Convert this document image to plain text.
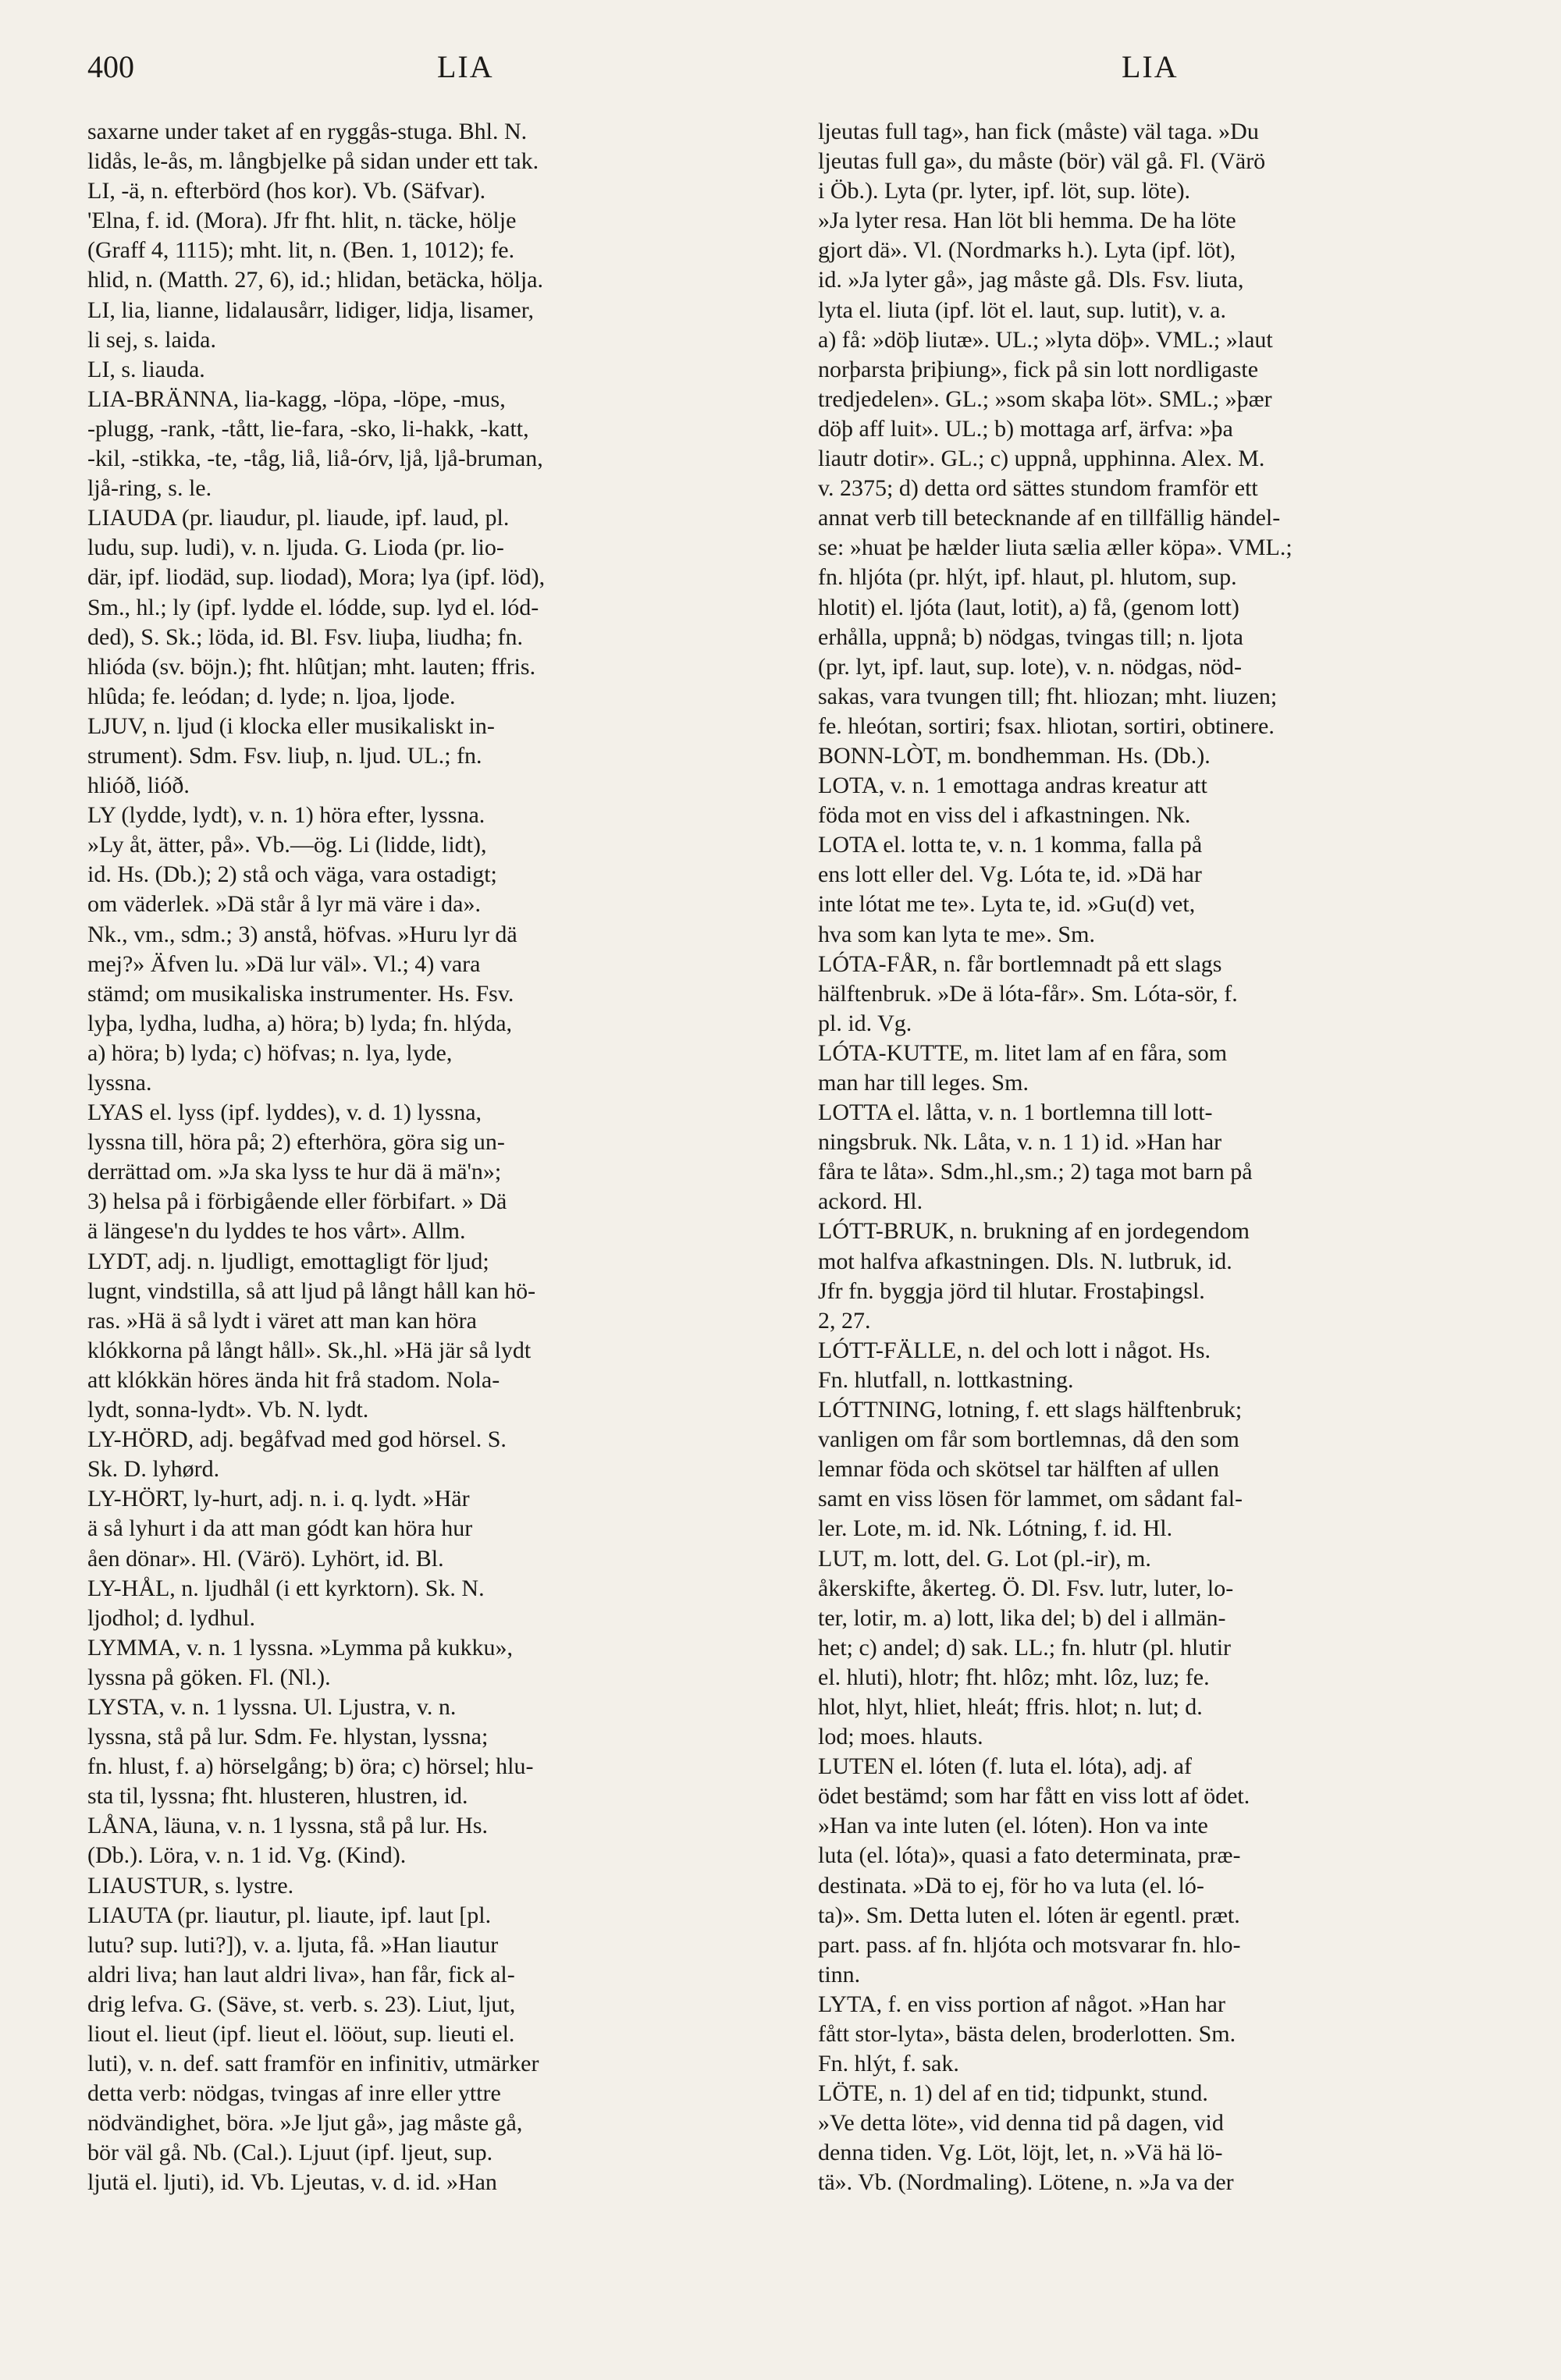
400	LIA	LIA
saxarne under taket af en ryggås-stuga. Bhl. N.
lidås, le-ås, m. långbjelke på sidan under ett tak.
LI, -ä, n. efterbörd (hos kor). Vb. (Säfvar).
'Elna, f. id. (Mora). Jfr fht. hlit, n. täcke, hölje
(Graff 4, 1115); mht. lit, n. (Ben. 1, 1012); fe.
hlid, n. (Matth. 27, 6), id.; hlidan, betäcka, hölja.
LI, lia, lianne, lidalausårr, lidiger, lidja, lisamer,
li sej, s. laida.
LI, s. liauda.
LIA-BRÄNNA, lia-kagg, -löpa, -löpe, -mus,
-plugg, -rank, -tått, lie-fara, -sko, li-hakk, -katt,
-kil, -stikka, -te, -tåg, liå, liå-órv, ljå, ljå-bruman,
ljå-ring, s. le.
LIAUDA (pr. liaudur, pl. liaude, ipf. laud, pl.
ludu, sup. ludi), v. n. ljuda. G. Lioda (pr. lio-
där, ipf. liodäd, sup. liodad), Mora; lya (ipf. löd),
Sm., hl.; ly (ipf. lydde el. lódde, sup. lyd el. lód-
ded), S. Sk.; löda, id. Bl. Fsv. liuþa, liudha; fn.
hlióda (sv. böjn.); fht. hlûtjan; mht. lauten; ffris.
hlûda; fe. leódan; d. lyde; n. ljoa, ljode.
LJUV, n. ljud (i klocka eller musikaliskt in-
strument). Sdm. Fsv. liuþ, n. ljud. UL.; fn.
hlióð, lióð.
LY (lydde, lydt), v. n. 1) höra efter, lyssna.
»Ly åt, ätter, på». Vb.—ög. Li (lidde, lidt),
id. Hs. (Db.); 2) stå och väga, vara ostadigt;
om väderlek. »Dä står å lyr mä väre i da».
Nk., vm., sdm.; 3) anstå, höfvas. »Huru lyr dä
mej?» Äfven lu. »Dä lur väl». Vl.; 4) vara
stämd; om musikaliska instrumenter. Hs. Fsv.
lyþa, lydha, ludha, a) höra; b) lyda; fn. hlýda,
a) höra; b) lyda; c) höfvas; n. lya, lyde,
lyssna.
LYAS el. lyss (ipf. lyddes), v. d. 1) lyssna,
lyssna till, höra på; 2) efterhöra, göra sig un-
derrättad om. »Ja ska lyss te hur dä ä mä'n»;
3) helsa på i förbigående eller förbifart. » Dä
ä längese'n du lyddes te hos vårt». Allm.
LYDT, adj. n. ljudligt, emottagligt för ljud;
lugnt, vindstilla, så att ljud på långt håll kan hö-
ras. »Hä ä så lydt i väret att man kan höra
klókkorna på långt håll». Sk.,hl. »Hä jär så lydt
att klókkän höres ända hit frå stadom. Nola-
lydt, sonna-lydt». Vb. N. lydt.
LY-HÖRD, adj. begåfvad med god hörsel. S.
Sk. D. lyhørd.
LY-HÖRT, ly-hurt, adj. n. i. q. lydt. »Här
ä så lyhurt i da att man gódt kan höra hur
åen dönar». Hl. (Värö). Lyhört, id. Bl.
LY-HÅL, n. ljudhål (i ett kyrktorn). Sk. N.
ljodhol; d. lydhul.
LYMMA, v. n. 1 lyssna. »Lymma på kukku»,
lyssna på göken. Fl. (Nl.).
LYSTA, v. n. 1 lyssna. Ul. Ljustra, v. n.
lyssna, stå på lur. Sdm. Fe. hlystan, lyssna;
fn. hlust, f. a) hörselgång; b) öra; c) hörsel; hlu-
sta til, lyssna; fht. hlusteren, hlustren, id.
LÅNA, läuna, v. n. 1 lyssna, stå på lur. Hs.
(Db.). Löra, v. n. 1 id. Vg. (Kind).
LIAUSTUR, s. lystre.
LIAUTA (pr. liautur, pl. liaute, ipf. laut [pl.
lutu? sup. luti?]), v. a. ljuta, få. »Han liautur
aldri liva; han laut aldri liva», han får, fick al-
drig lefva. G. (Säve, st. verb. s. 23). Liut, ljut,
liout el. lieut (ipf. lieut el. lööut, sup. lieuti el.
luti), v. n. def. satt framför en infinitiv, utmärker
detta verb: nödgas, tvingas af inre eller yttre
nödvändighet, böra. »Je ljut gå», jag måste gå,
bör väl gå. Nb. (Cal.). Ljuut (ipf. ljeut, sup.
ljutä el. ljuti), id. Vb. Ljeutas, v. d. id. »Han
ljeutas full tag», han fick (måste) väl taga. »Du
ljeutas full ga», du måste (bör) väl gå. Fl. (Värö
i Öb.). Lyta (pr. lyter, ipf. löt, sup. löte).
»Ja lyter resa. Han löt bli hemma. De ha löte
gjort dä». Vl. (Nordmarks h.). Lyta (ipf. löt),
id. »Ja lyter gå», jag måste gå. Dls. Fsv. liuta,
lyta el. liuta (ipf. löt el. laut, sup. lutit), v. a.
a) få: »döþ liutæ». UL.; »lyta döþ». VML.; »laut
norþarsta þriþiung», fick på sin lott nordligaste
tredjedelen». GL.; »som skaþa löt». SML.; »þær
döþ aff luit». UL.; b) mottaga arf, ärfva: »þa
liautr dotir». GL.; c) uppnå, upphinna. Alex. M.
v. 2375; d) detta ord sättes stundom framför ett
annat verb till betecknande af en tillfällig händel-
se: »huat þe hælder liuta sælia æller köpa». VML.;
fn. hljóta (pr. hlýt, ipf. hlaut, pl. hlutom, sup.
hlotit) el. ljóta (laut, lotit), a) få, (genom lott)
erhålla, uppnå; b) nödgas, tvingas till; n. ljota
(pr. lyt, ipf. laut, sup. lote), v. n. nödgas, nöd-
sakas, vara tvungen till; fht. hliozan; mht. liuzen;
fe. hleótan, sortiri; fsax. hliotan, sortiri, obtinere.
BONN-LÒT, m. bondhemman. Hs. (Db.).
LOTA, v. n. 1 emottaga andras kreatur att
föda mot en viss del i afkastningen. Nk.
LOTA el. lotta te, v. n. 1 komma, falla på
ens lott eller del. Vg. Lóta te, id. »Dä har
inte lótat me te». Lyta te, id. »Gu(d) vet,
hva som kan lyta te me». Sm.
LÓTA-FÅR, n. får bortlemnadt på ett slags
hälftenbruk. »De ä lóta-får». Sm. Lóta-sör, f.
pl. id. Vg.
LÓTA-KUTTE, m. litet lam af en fåra, som
man har till leges. Sm.
LOTTA el. låtta, v. n. 1 bortlemna till lott-
ningsbruk. Nk. Låta, v. n. 1 1) id. »Han har
fåra te låta». Sdm.,hl.,sm.; 2) taga mot barn på
ackord. Hl.
LÓTT-BRUK, n. brukning af en jordegendom
mot halfva afkastningen. Dls. N. lutbruk, id.
Jfr fn. byggja jörd til hlutar. Frostaþingsl.
2, 27.
LÓTT-FÄLLE, n. del och lott i något. Hs.
Fn. hlutfall, n. lottkastning.
LÓTTNING, lotning, f. ett slags hälftenbruk;
vanligen om får som bortlemnas, då den som
lemnar föda och skötsel tar hälften af ullen
samt en viss lösen för lammet, om sådant fal-
ler. Lote, m. id. Nk. Lótning, f. id. Hl.
LUT, m. lott, del. G. Lot (pl.-ir), m.
åkerskifte, åkerteg. Ö. Dl. Fsv. lutr, luter, lo-
ter, lotir, m. a) lott, lika del; b) del i allmän-
het; c) andel; d) sak. LL.; fn. hlutr (pl. hlutir
el. hluti), hlotr; fht. hlôz; mht. lôz, luz; fe.
hlot, hlyt, hliet, hleát; ffris. hlot; n. lut; d.
lod; moes. hlauts.
LUTEN el. lóten (f. luta el. lóta), adj. af
ödet bestämd; som har fått en viss lott af ödet.
»Han va inte luten (el. lóten). Hon va inte
luta (el. lóta)», quasi a fato determinata, præ-
destinata. »Dä to ej, för ho va luta (el. ló-
ta)». Sm. Detta luten el. lóten är egentl. præt.
part. pass. af fn. hljóta och motsvarar fn. hlo-
tinn.
LYTA, f. en viss portion af något. »Han har
fått stor-lyta», bästa delen, broderlotten. Sm.
Fn. hlýt, f. sak.
LÖTE, n. 1) del af en tid; tidpunkt, stund.
»Ve detta löte», vid denna tid på dagen, vid
denna tiden. Vg. Löt, löjt, let, n. »Vä hä lö-
tä». Vb. (Nordmaling). Lötene, n. »Ja va der
